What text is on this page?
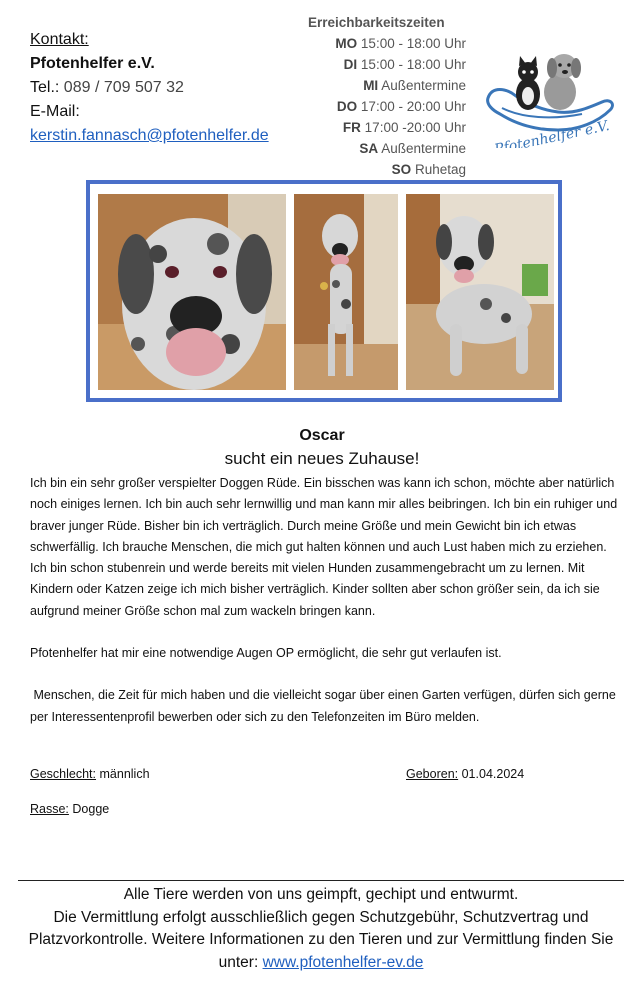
Kontakt:
Pfotenhelfer e.V.
Tel.: 089 / 709 507 32
E-Mail:
kerstin.fannasch@pfotenhelfer.de
Erreichbarkeitszeiten
MO 15:00 - 18:00 Uhr
DI 15:00 - 18:00 Uhr
MI Außentermine
DO 17:00 - 20:00 Uhr
FR 17:00 -20:00 Uhr
SA Außentermine
SO Ruhetag
Pfotenhelfer e.V.
Oscar
sucht ein neues Zuhause!

Ich bin ein sehr großer verspielter Doggen Rüde. Ein bisschen was kann ich schon, möchte aber natürlich noch einiges lernen. Ich bin auch sehr lernwillig und man kann mir alles beibringen. Ich bin ein ruhiger und braver junger Rüde. Bisher bin ich verträglich. Durch meine Größe und mein Gewicht bin ich etwas schwerfällig. Ich brauche Menschen, die mich gut halten können und auch Lust haben mich zu erziehen. Ich bin schon stubenrein und werde bereits mit vielen Hunden zusammengebracht um zu lernen. Mit Kindern oder Katzen zeige ich mich bisher verträglich. Kinder sollten aber schon größer sein, da ich sie aufgrund meiner Größe schon mal zum wackeln bringen kann.

Pfotenhelfer hat mir eine notwendige Augen OP ermöglicht, die sehr gut verlaufen ist.

Menschen, die Zeit für mich haben und die vielleicht sogar über einen Garten verfügen, dürfen sich gerne per Interessentenprofil bewerben oder sich zu den Telefonzeiten im Büro melden.

Geschlecht: männlich	Geboren: 01.04.2024
Rasse: Dogge
Alle Tiere werden von uns geimpft, gechipt und entwurmt.
Die Vermittlung erfolgt ausschließlich gegen Schutzgebühr, Schutzvertrag und Platzvorkontrolle. Weitere Informationen zu den Tieren und zur Vermittlung finden Sie unter: www.pfotenhelfer-ev.de
